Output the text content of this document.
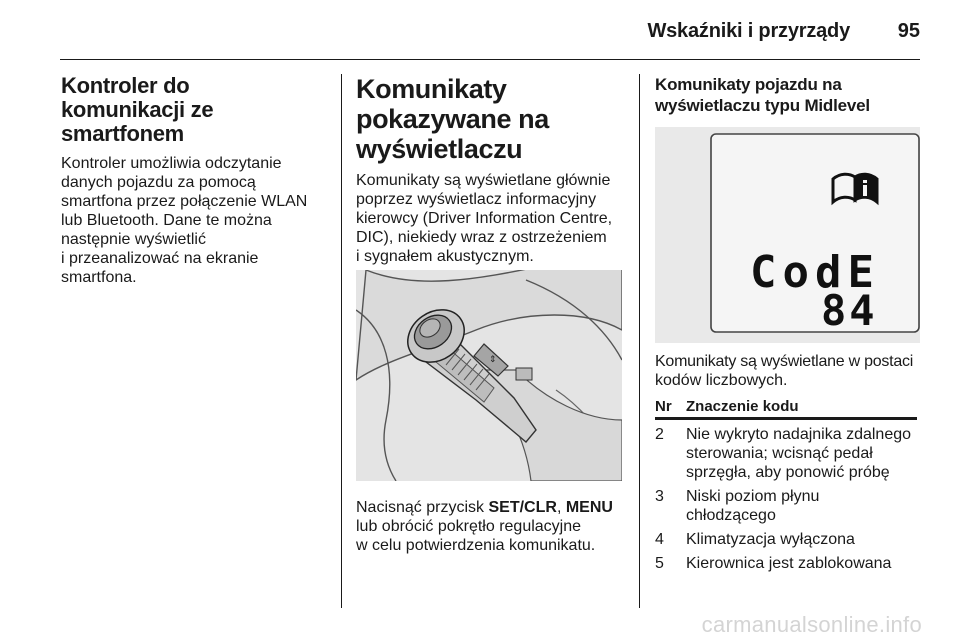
Wskaźniki i przyrządy	95
Kontroler do komunikacji ze smartfonem

Kontroler umożliwia odczytanie

danych pojazdu za pomocą

smartfona przez połączenie WLAN

lub Bluetooth. Dane te można

następnie wyświetlić

i przeanalizować na ekranie

smartfona.

Komunikaty pokazywane na wyświetlaczu

Komunikaty są wyświetlane głównie

poprzez wyświetlacz informacyjny

kierowcy (Driver Information Centre,

DIC), niekiedy wraz z ostrzeżeniem

i sygnałem akustycznym.

⇕

Nacisnąć przycisk SET/CLR, MENU

lub obrócić pokrętło regulacyjne

w celu potwierdzenia komunikatu.

Komunikaty pojazdu na wyświetlaczu typu Midlevel
CodE
84

Komunikaty są wyświetlane w postaci

kodów liczbowych.

Nr	Znaczenie kodu
2	Nie wykryto nadajnika zdalnego
sterowania; wcisnąć pedał
sprzęgła, aby ponowić próbę

3	Niski poziom płynu
chłodzącego

4	Klimatyzacja wyłączona

5	Kierownica jest zablokowana
carmanualsonline.info
